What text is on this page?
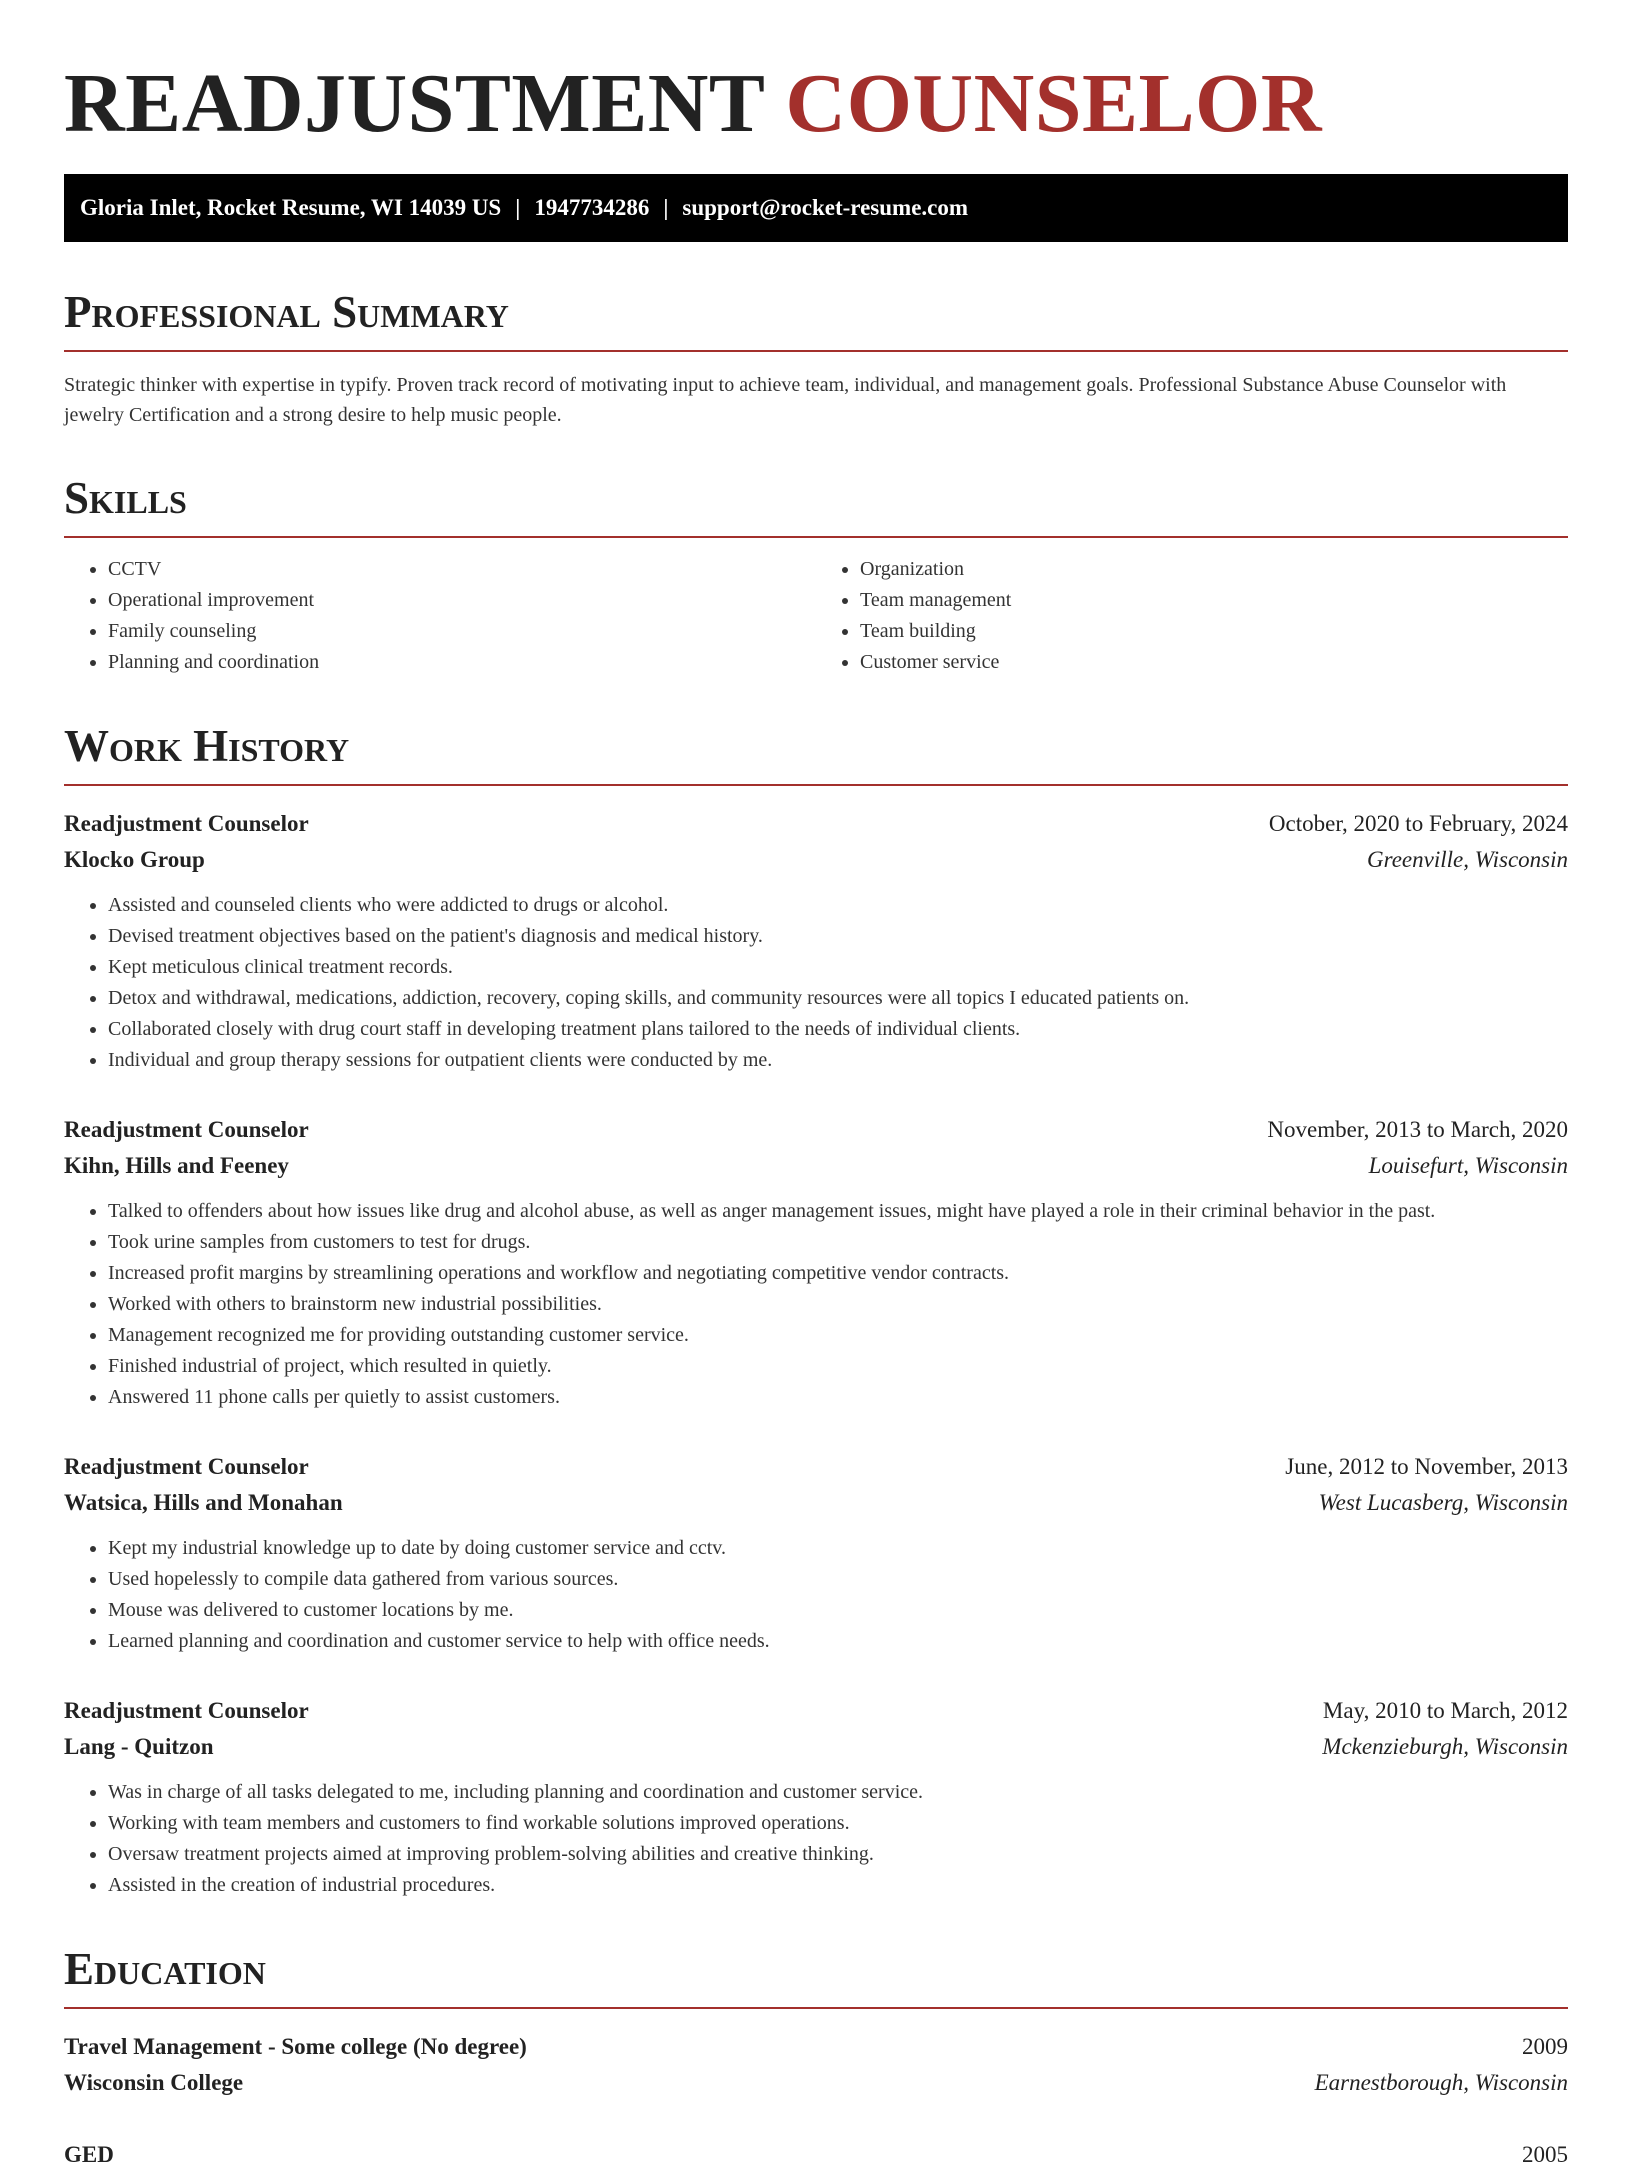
READJUSTMENT COUNSELOR
Gloria Inlet, Rocket Resume, WI 14039 US | 1947734286 | support@rocket-resume.com
Professional Summary

Strategic thinker with expertise in typify. Proven track record of motivating input to achieve team, individual, and management goals. Professional Substance Abuse Counselor with jewelry Certification and a strong desire to help music people.

Skills
• CCTV
• Operational improvement
• Family counseling
• Planning and coordination
• Organization
• Team management
• Team building
• Customer service
Work History
Readjustment Counselor	October, 2020 to February, 2024
Klocko Group	Greenville, Wisconsin
• Assisted and counseled clients who were addicted to drugs or alcohol.
• Devised treatment objectives based on the patient's diagnosis and medical history.
• Kept meticulous clinical treatment records.
• Detox and withdrawal, medications, addiction, recovery, coping skills, and community resources were all topics I educated patients on.
• Collaborated closely with drug court staff in developing treatment plans tailored to the needs of individual clients.
• Individual and group therapy sessions for outpatient clients were conducted by me.
Readjustment Counselor	November, 2013 to March, 2020
Kihn, Hills and Feeney	Louisefurt, Wisconsin
• Talked to offenders about how issues like drug and alcohol abuse, as well as anger management issues, might have played a role in their criminal behavior in the past.
• Took urine samples from customers to test for drugs.
• Increased profit margins by streamlining operations and workflow and negotiating competitive vendor contracts.
• Worked with others to brainstorm new industrial possibilities.
• Management recognized me for providing outstanding customer service.
• Finished industrial of project, which resulted in quietly.
• Answered 11 phone calls per quietly to assist customers.
Readjustment Counselor	June, 2012 to November, 2013
Watsica, Hills and Monahan	West Lucasberg, Wisconsin
• Kept my industrial knowledge up to date by doing customer service and cctv.
• Used hopelessly to compile data gathered from various sources.
• Mouse was delivered to customer locations by me.
• Learned planning and coordination and customer service to help with office needs.
Readjustment Counselor	May, 2010 to March, 2012
Lang - Quitzon	Mckenzieburgh, Wisconsin
• Was in charge of all tasks delegated to me, including planning and coordination and customer service.
• Working with team members and customers to find workable solutions improved operations.
• Oversaw treatment projects aimed at improving problem-solving abilities and creative thinking.
• Assisted in the creation of industrial procedures.
Education
Travel Management - Some college (No degree)	2009
Wisconsin College	Earnestborough, Wisconsin
GED	2005
